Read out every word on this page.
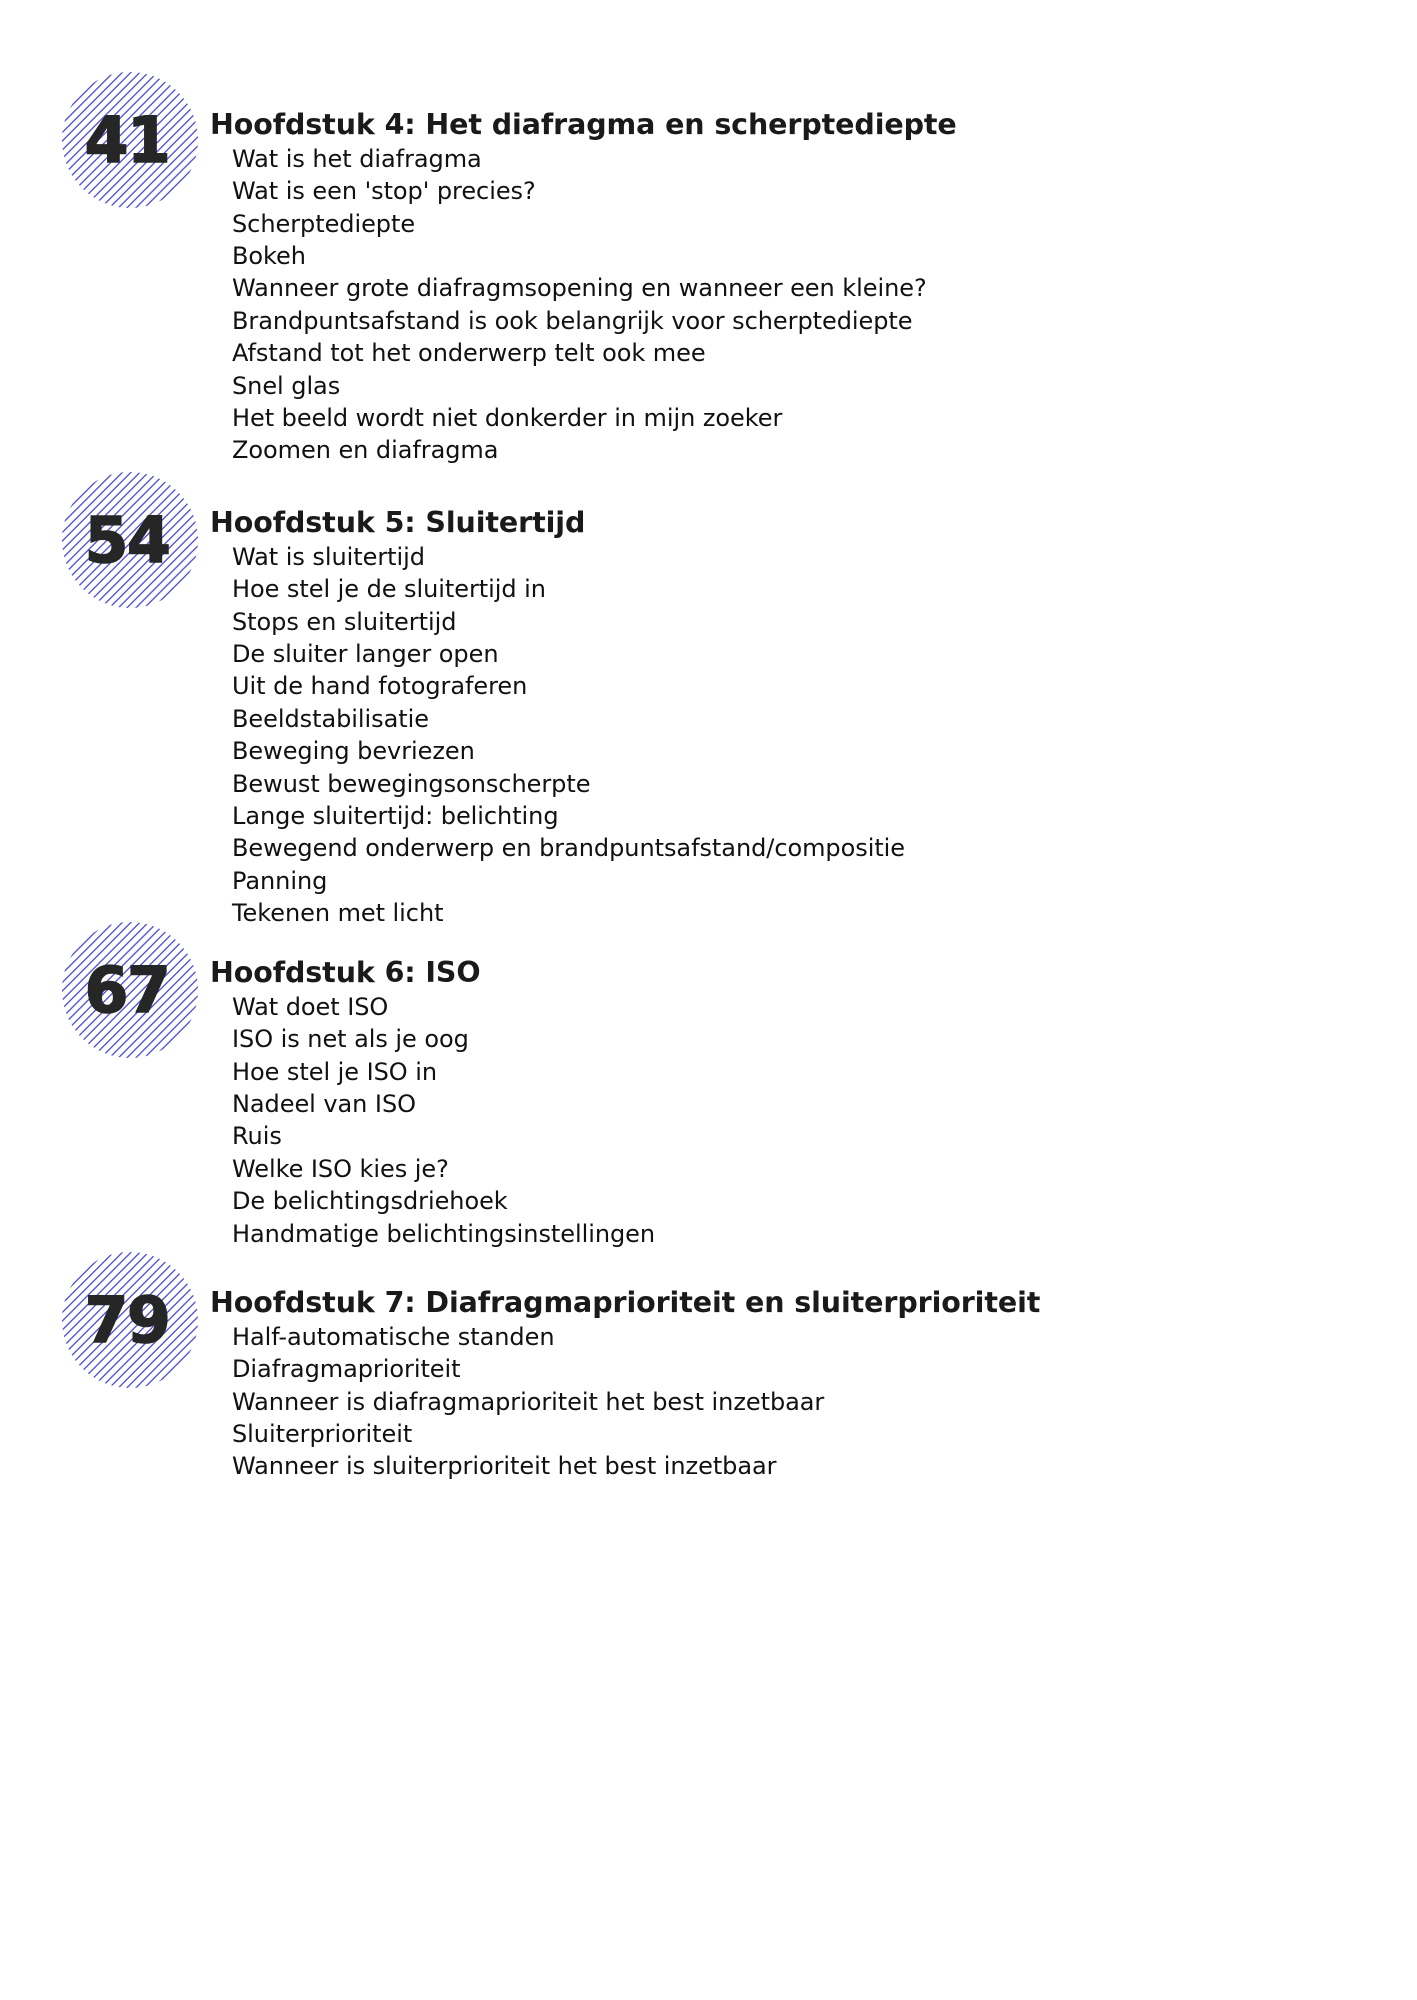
41	Hoofdstuk 4: Het diafragma en scherptediepte
Wat is het diafragma
Wat is een 'stop' precies?
Scherptediepte
Bokeh
Wanneer grote diafragmsopening en wanneer een kleine?
Brandpuntsafstand is ook belangrijk voor scherptediepte
Afstand tot het onderwerp telt ook mee
Snel glas
Het beeld wordt niet donkerder in mijn zoeker
Zoomen en diafragma
54	Hoofdstuk 5: Sluitertijd
Wat is sluitertijd
Hoe stel je de sluitertijd in
Stops en sluitertijd
De sluiter langer open
Uit de hand fotograferen
Beeldstabilisatie
Beweging bevriezen
Bewust bewegingsonscherpte
Lange sluitertijd: belichting
Bewegend onderwerp en brandpuntsafstand/compositie
Panning
Tekenen met licht
67	Hoofdstuk 6: ISO
Wat doet ISO
ISO is net als je oog
Hoe stel je ISO in
Nadeel van ISO
Ruis
Welke ISO kies je?
De belichtingsdriehoek
Handmatige belichtingsinstellingen
79	Hoofdstuk 7: Diafragmaprioriteit en sluiterprioriteit
Half-automatische standen
Diafragmaprioriteit
Wanneer is diafragmaprioriteit het best inzetbaar
Sluiterprioriteit
Wanneer is sluiterprioriteit het best inzetbaar
